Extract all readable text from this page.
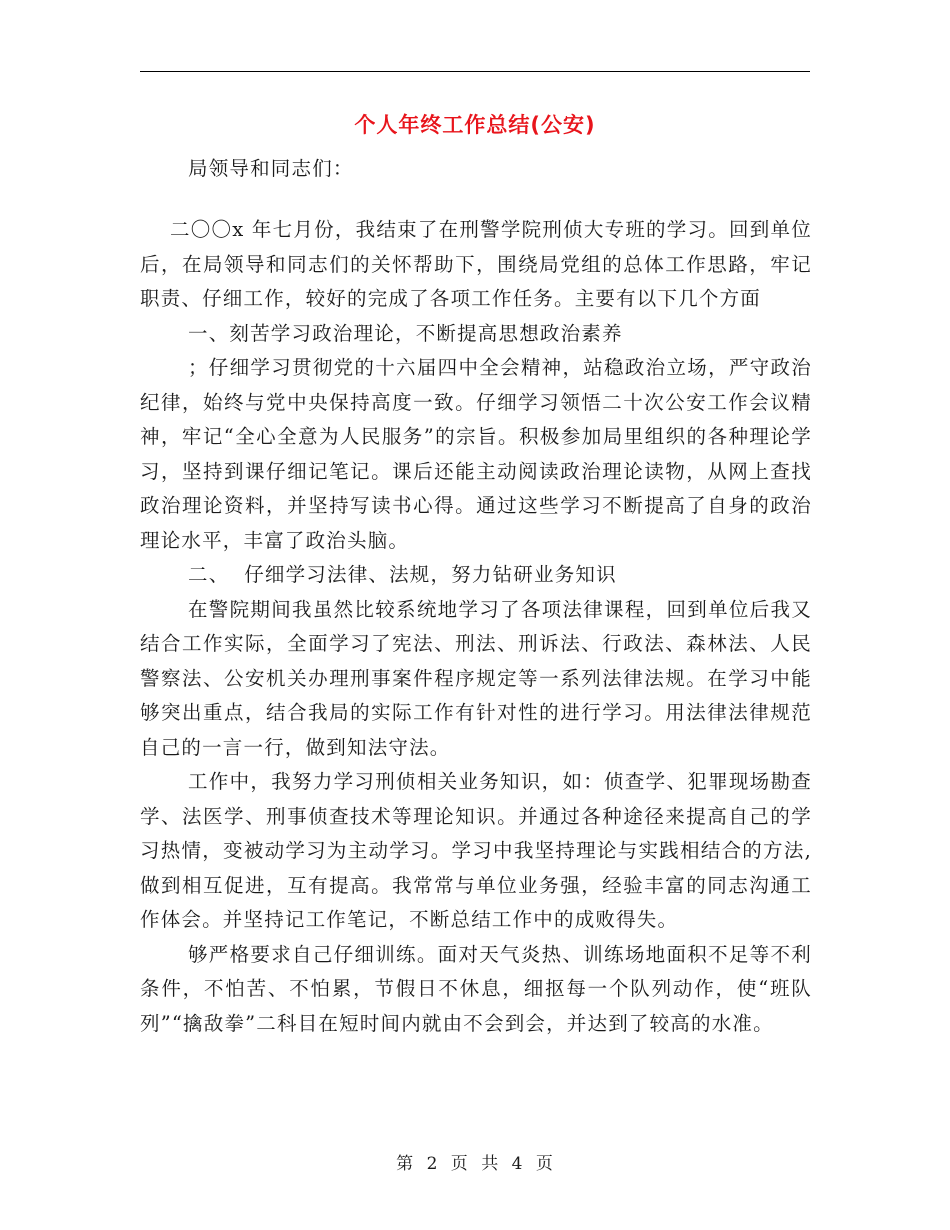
个人年终工作总结(公安)
局领导和同志们：

二〇〇x 年七月份，我结束了在刑警学院刑侦大专班的学习。回到单位后，在局领导和同志们的关怀帮助下，围绕局党组的总体工作思路，牢记职责、仔细工作，较好的完成了各项工作任务。主要有以下几个方面

一、刻苦学习政治理论，不断提高思想政治素养

；仔细学习贯彻党的十六届四中全会精神，站稳政治立场，严守政治纪律，始终与党中央保持高度一致。仔细学习领悟二十次公安工作会议精神，牢记“全心全意为人民服务”的宗旨。积极参加局里组织的各种理论学习，坚持到课仔细记笔记。课后还能主动阅读政治理论读物，从网上查找政治理论资料，并坚持写读书心得。通过这些学习不断提高了自身的政治理论水平，丰富了政治头脑。

二、  仔细学习法律、法规，努力钻研业务知识

在警院期间我虽然比较系统地学习了各项法律课程，回到单位后我又结合工作实际，全面学习了宪法、刑法、刑诉法、行政法、森林法、人民警察法、公安机关办理刑事案件程序规定等一系列法律法规。在学习中能够突出重点，结合我局的实际工作有针对性的进行学习。用法律法律规范自己的一言一行，做到知法守法。

工作中，我努力学习刑侦相关业务知识，如：侦查学、犯罪现场勘查学、法医学、刑事侦查技术等理论知识。并通过各种途径来提高自己的学习热情，变被动学习为主动学习。学习中我坚持理论与实践相结合的方法,做到相互促进，互有提高。我常常与单位业务强，经验丰富的同志沟通工作体会。并坚持记工作笔记，不断总结工作中的成败得失。

够严格要求自己仔细训练。面对天气炎热、训练场地面积不足等不利条件，不怕苦、不怕累，节假日不休息，细抠每一个队列动作，使“班队列”“擒敌拳”二科目在短时间内就由不会到会，并达到了较高的水准。

第 2 页 共 4 页
